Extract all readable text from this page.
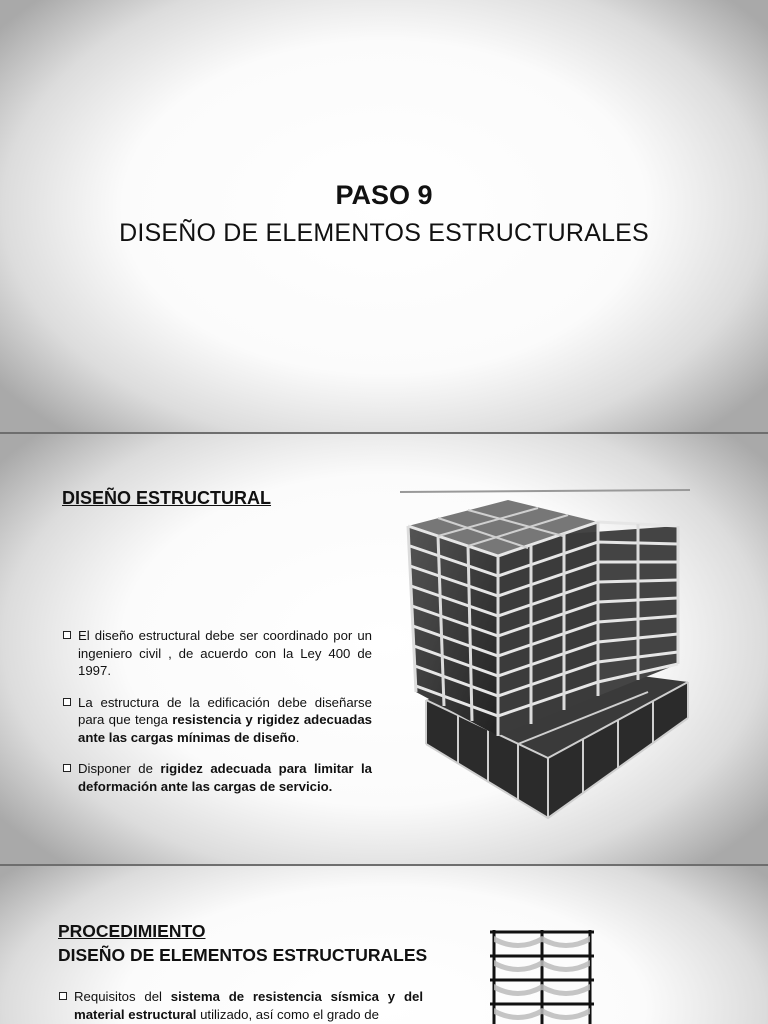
PASO 9
DISEÑO DE ELEMENTOS ESTRUCTURALES
DISEÑO ESTRUCTURAL
El diseño estructural debe ser coordinado por un ingeniero civil , de acuerdo con la Ley 400 de 1997.
La estructura de la edificación debe diseñarse para que tenga resistencia y rigidez adecuadas ante las cargas mínimas de diseño.
Disponer de rigidez adecuada para limitar la deformación ante las cargas de servicio.
PROCEDIMIENTO
DISEÑO DE ELEMENTOS ESTRUCTURALES
Requisitos del sistema de resistencia sísmica y del material estructural utilizado, así como el grado de
